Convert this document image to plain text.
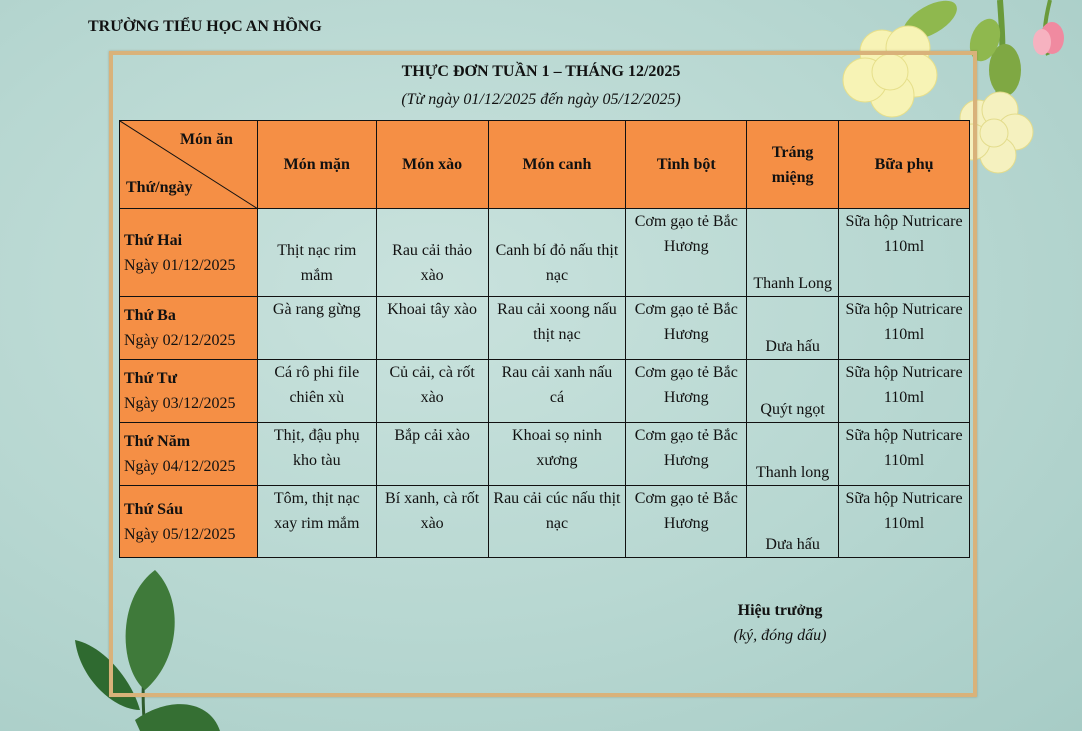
TRƯỜNG TIỂU HỌC AN HỒNG
THỰC ĐƠN TUẦN 1 – THÁNG 12/2025
(Từ ngày 01/12/2025 đến ngày 05/12/2025)
Món ăn
Thứ/ngày	Món mặn	Món xào	Món canh	Tinh bột	Tráng miệng	Bữa phụ

Thứ Hai
Ngày 01/12/2025	Thịt nạc rim mắm	Rau cải thảo xào	Canh bí đỏ nấu thịt nạc	Cơm gạo tẻ Bắc Hương	Thanh Long	Sữa hộp Nutricare 110ml

Thứ Ba
Ngày 02/12/2025	Gà rang gừng	Khoai tây xào	Rau cải xoong nấu thịt nạc	Cơm gạo tẻ Bắc Hương	Dưa hấu	Sữa hộp Nutricare 110ml

Thứ Tư
Ngày 03/12/2025	Cá rô phi file chiên xù	Củ cải, cà rốt xào	Rau cải xanh nấu cá	Cơm gạo tẻ Bắc Hương	Quýt ngọt	Sữa hộp Nutricare 110ml

Thứ Năm
Ngày 04/12/2025	Thịt, đậu phụ kho tàu	Bắp cải xào	Khoai sọ ninh xương	Cơm gạo tẻ Bắc Hương	Thanh long	Sữa hộp Nutricare 110ml

Thứ Sáu
Ngày 05/12/2025	Tôm, thịt nạc xay rim mắm	Bí xanh, cà rốt xào	Rau cải cúc nấu thịt nạc	Cơm gạo tẻ Bắc Hương	Dưa hấu	Sữa hộp Nutricare 110ml
Hiệu trưởng
(ký, đóng dấu)
